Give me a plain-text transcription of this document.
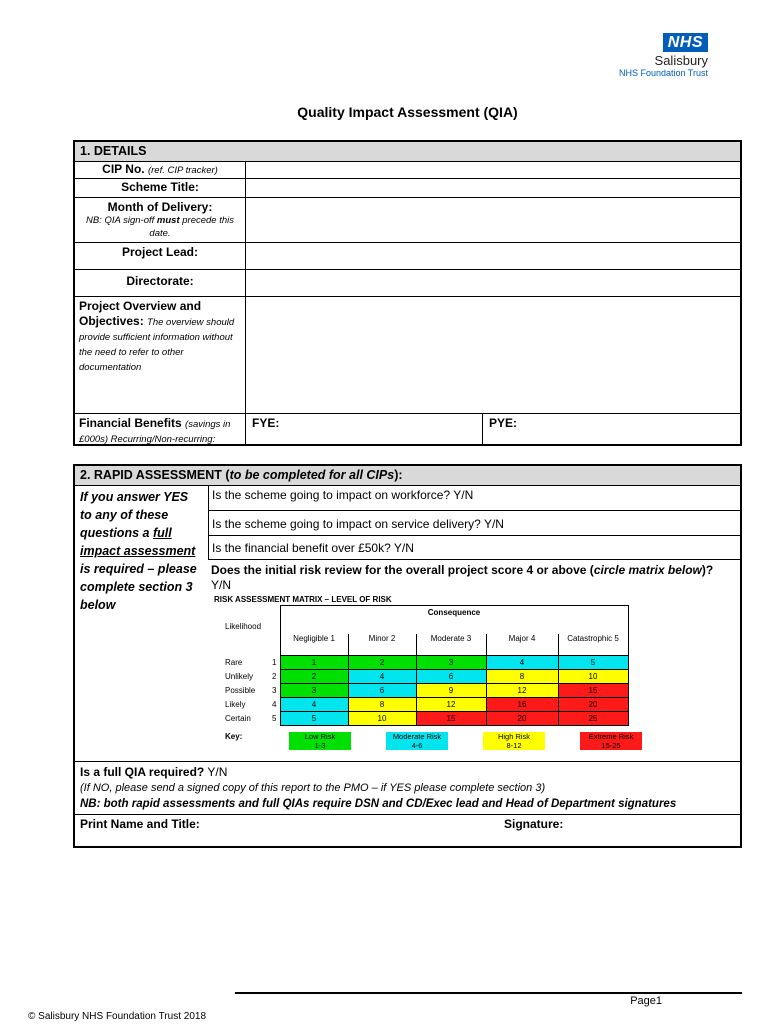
NHS
Salisbury
NHS Foundation Trust
Quality Impact Assessment (QIA)
1. DETAILS
CIP No. (ref. CIP tracker)
Scheme Title:
Month of Delivery:
NB: QIA sign-off must precede this date.
Project Lead:
Directorate:
Project Overview and Objectives: The overview should provide sufficient information without the need to refer to other documentation
Financial Benefits (savings in £000s) Recurring/Non-recurring:
FYE:	PYE:
2. RAPID ASSESSMENT (to be completed for all CIPs):
If you answer YES to any of these questions a full impact assessment is required – please complete section 3 below
Is the scheme going to impact on workforce? Y/N
Is the scheme going to impact on service delivery? Y/N
Is the financial benefit over £50k? Y/N
Does the initial risk review for the overall project score 4 or above (circle matrix below)?
Y/N
RISK ASSESSMENT MATRIX – LEVEL OF RISK
	Consequence				
Likelihood					
	Negligible 1	Minor 2	Moderate 3	Major 4	Catastrophic 5
Rare 1	1	2	3	4	5
Unlikely 2	2	4	6	8	10
Possible 3	3	6	9	12	15
Likely 4	4	8	12	16	20
Certain 5	5	10	15	20	25
Key:	Low Risk
1-3
Moderate Risk
4-6
High Risk
8-12
Extreme Risk
15-25
Is a full QIA required? Y/N
(If NO, please send a signed copy of this report to the PMO – if YES please complete section 3)
NB: both rapid assessments and full QIAs require DSN and CD/Exec lead and Head of Department signatures
Print Name and Title:	Signature:
Page1
© Salisbury NHS Foundation Trust 2018
